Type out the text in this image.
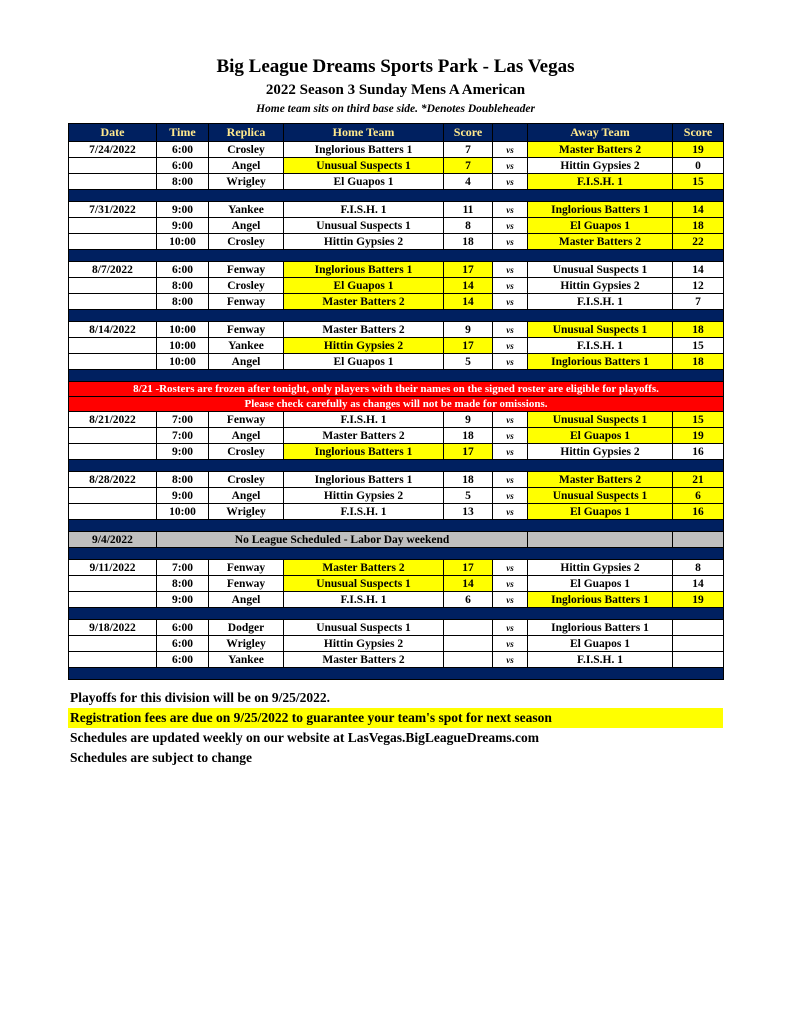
Big League Dreams Sports Park - Las Vegas
2022 Season 3 Sunday Mens A American
Home team sits on third base side. *Denotes Doubleheader
Date	Time	Replica	Home Team	Score		Away Team	Score
7/24/2022	6:00	Crosley	Inglorious Batters 1	7	vs	Master Batters 2	19
	6:00	Angel	Unusual Suspects 1	7	vs	Hittin Gypsies 2	0
	8:00	Wrigley	El Guapos 1	4	vs	F.I.S.H. 1	15

7/31/2022	9:00	Yankee	F.I.S.H. 1	11	vs	Inglorious Batters 1	14
	9:00	Angel	Unusual Suspects 1	8	vs	El Guapos 1	18
	10:00	Crosley	Hittin Gypsies 2	18	vs	Master Batters 2	22

8/7/2022	6:00	Fenway	Inglorious Batters 1	17	vs	Unusual Suspects 1	14
	8:00	Crosley	El Guapos 1	14	vs	Hittin Gypsies 2	12
	8:00	Fenway	Master Batters 2	14	vs	F.I.S.H. 1	7

8/14/2022	10:00	Fenway	Master Batters 2	9	vs	Unusual Suspects 1	18
	10:00	Yankee	Hittin Gypsies 2	17	vs	F.I.S.H. 1	15
	10:00	Angel	El Guapos 1	5	vs	Inglorious Batters 1	18

8/21 -Rosters are frozen after tonight, only players with their names on the signed roster are eligible for playoffs.							
Please check carefully as changes will not be made for omissions.							
8/21/2022	7:00	Fenway	F.I.S.H. 1	9	vs	Unusual Suspects 1	15
	7:00	Angel	Master Batters 2	18	vs	El Guapos 1	19
	9:00	Crosley	Inglorious Batters 1	17	vs	Hittin Gypsies 2	16

8/28/2022	8:00	Crosley	Inglorious Batters 1	18	vs	Master Batters 2	21
	9:00	Angel	Hittin Gypsies 2	5	vs	Unusual Suspects 1	6
	10:00	Wrigley	F.I.S.H. 1	13	vs	El Guapos 1	16

9/4/2022	No League Scheduled - Labor Day weekend						

9/11/2022	7:00	Fenway	Master Batters 2	17	vs	Hittin Gypsies 2	8
	8:00	Fenway	Unusual Suspects 1	14	vs	El Guapos 1	14
	9:00	Angel	F.I.S.H. 1	6	vs	Inglorious Batters 1	19

9/18/2022	6:00	Dodger	Unusual Suspects 1		vs	Inglorious Batters 1	
	6:00	Wrigley	Hittin Gypsies 2		vs	El Guapos 1	
	6:00	Yankee	Master Batters 2		vs	F.I.S.H. 1	

Playoffs for this division will be on 9/25/2022.
Registration fees are due on 9/25/2022 to guarantee your team's spot for next season
Schedules are updated weekly on our website at LasVegas.BigLeagueDreams.com
Schedules are subject to change
